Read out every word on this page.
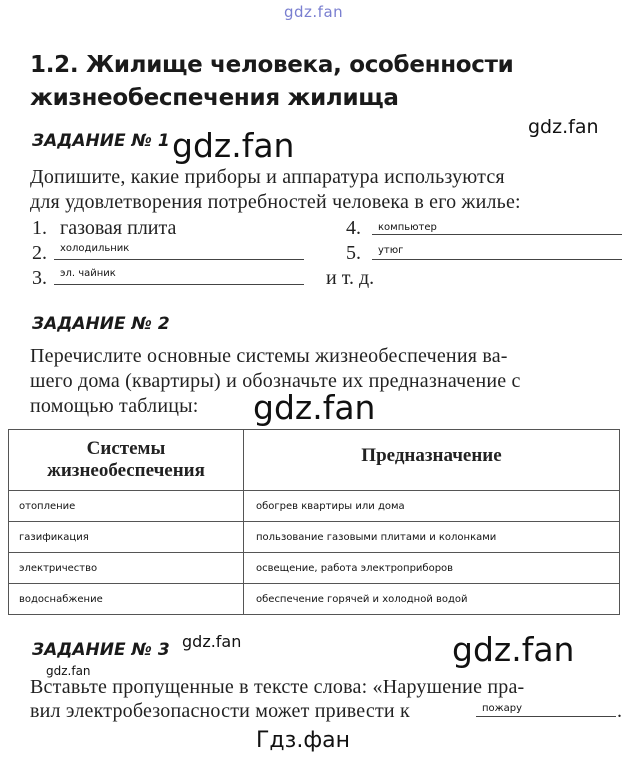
gdz.fan
gdz.fan	gdz.fan
gdz.fan
gdz.fan	gdz.fan
gdz.fan
Гдз.фан
1.2. Жилище человека, особенности
жизнеобеспечения жилища
ЗАДАНИЕ № 1
Допишите, какие приборы и аппаратура используются
для удовлетворения потребностей человека в его жилье:
1. газовая плита
2. холодильник
3. эл. чайник
4. компьютер
5. утюг
и т. д.
ЗАДАНИЕ № 2
Перечислите основные системы жизнеобеспечения ва-
шего дома (квартиры) и обозначьте их предназначение с
помощью таблицы:
Системы
жизнеобеспечения	Предназначение

отопление	обогрев квартиры или дома
газификация	пользование газовыми плитами и колонками
электричество	освещение, работа электроприборов
водоснабжение	обеспечение горячей и холодной водой
ЗАДАНИЕ № 3
Вставьте пропущенные в тексте слова: «Нарушение пра-
вил электробезопасности может привести к	пожару	.
